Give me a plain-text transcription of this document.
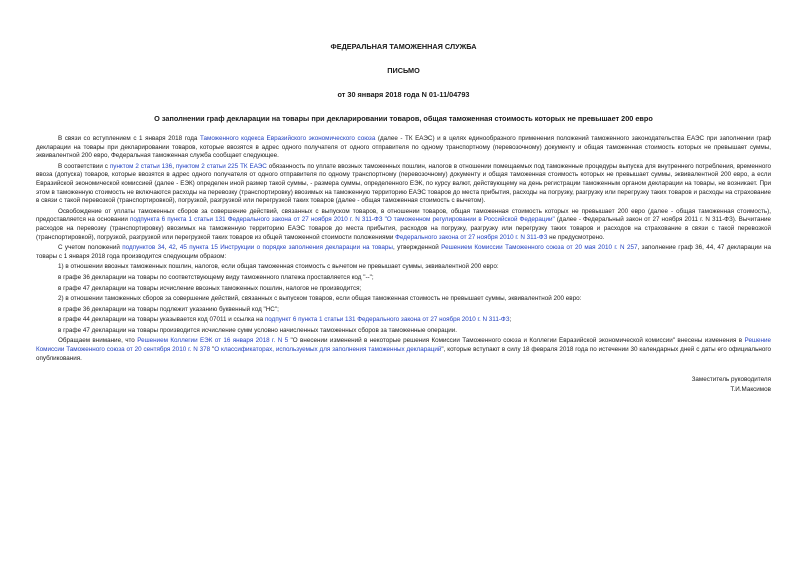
ФЕДЕРАЛЬНАЯ ТАМОЖЕННАЯ СЛУЖБА
ПИСЬМО
от 30 января 2018 года N 01-11/04793
О заполнении граф декларации на товары при декларировании товаров, общая таможенная стоимость которых не превышает 200 евро

В связи со вступлением с 1 января 2018 года Таможенного кодекса Евразийского экономического союза (далее - ТК ЕАЭС) и в целях единообразного применения положений таможенного законодательства ЕАЭС при заполнении граф декларации на товары при декларировании товаров, которые ввозятся в адрес одного получателя от одного отправителя по одному транспортному (перевозочному) документу и общая таможенная стоимость которых не превышает суммы, эквивалентной 200 евро, Федеральная таможенная служба сообщает следующее.

В соответствии с пунктом 2 статьи 136, пунктом 2 статьи 225 ТК ЕАЭС обязанность по уплате ввозных таможенных пошлин, налогов в отношении помещаемых под таможенные процедуры выпуска для внутреннего потребления, временного ввоза (допуска) товаров, которые ввозятся в адрес одного получателя от одного отправителя по одному транспортному (перевозочному) документу и общая таможенная стоимость которых не превышает суммы, эквивалентной 200 евро, а если Евразийской экономической комиссией (далее - ЕЭК) определен иной размер такой суммы, - размера суммы, определенного ЕЭК, по курсу валют, действующему на день регистрации таможенным органом декларации на товары, не возникает. При этом в таможенную стоимость не включаются расходы на перевозку (транспортировку) ввозимых на таможенную территорию ЕАЭС товаров до места прибытия, расходы на погрузку, разгрузку или перегрузку таких товаров и расходы на страхование в связи с такой перевозкой (транспортировкой), погрузкой, разгрузкой или перегрузкой таких товаров (далее - общая таможенная стоимость с вычетом).

Освобождение от уплаты таможенных сборов за совершение действий, связанных с выпуском товаров, в отношении товаров, общая таможенная стоимость которых не превышает 200 евро (далее - общая таможенная стоимость), предоставляется на основании подпункта 6 пункта 1 статьи 131 Федерального закона от 27 ноября 2010 г. N 311-ФЗ "О таможенном регулировании в Российской Федерации" (далее - Федеральный закон от 27 ноября 2011 г. N 311-ФЗ). Вычитание расходов на перевозку (транспортировку) ввозимых на таможенную территорию ЕАЭС товаров до места прибытия, расходов на погрузку, разгрузку или перегрузку таких товаров и расходов на страхование в связи с такой перевозкой (транспортировкой), погрузкой, разгрузкой или перегрузкой таких товаров из общей таможенной стоимости положениями Федерального закона от 27 ноября 2010 г. N 311-ФЗ не предусмотрено.

С учетом положений подпунктов 34, 42, 45 пункта 15 Инструкции о порядке заполнения декларации на товары, утвержденной Решением Комиссии Таможенного союза от 20 мая 2010 г. N 257, заполнение граф 36, 44, 47 декларации на товары с 1 января 2018 года производится следующим образом:

1) в отношении ввозных таможенных пошлин, налогов, если общая таможенная стоимость с вычетом не превышает суммы, эквивалентной 200 евро:

в графе 36 декларации на товары по соответствующему виду таможенного платежа проставляется код "--";

в графе 47 декларации на товары исчисление ввозных таможенных пошлин, налогов не производится;

2) в отношении таможенных сборов за совершение действий, связанных с выпуском товаров, если общая таможенная стоимость не превышает суммы, эквивалентной 200 евро:

в графе 36 декларации на товары подлежит указанию буквенный код "НС";

в графе 44 декларации на товары указывается код 07011 и ссылка на подпункт 6 пункта 1 статьи 131 Федерального закона от 27 ноября 2010 г. N 311-ФЗ;

в графе 47 декларации на товары производится исчисление сумм условно начисленных таможенных сборов за таможенные операции.

Обращаем внимание, что Решением Коллегии ЕЭК от 16 января 2018 г. N 5 "О внесении изменений в некоторые решения Комиссии Таможенного союза и Коллегии Евразийской экономической комиссии" внесены изменения в Решение Комиссии Таможенного союза от 20 сентября 2010 г. N 378 "О классификаторах, используемых для заполнения таможенных деклараций", которые вступают в силу 18 февраля 2018 года по истечении 30 календарных дней с даты его официального опубликования.

Заместитель руководителя
Т.И.Максимов
